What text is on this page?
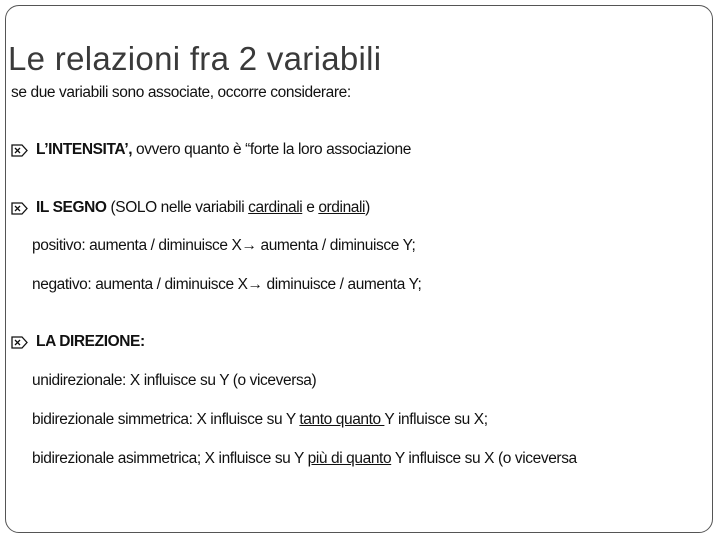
Le relazioni fra 2 variabili
se due variabili sono associate, occorre considerare:
L’INTENSITA’, ovvero quanto è “forte la loro associazione
IL SEGNO (SOLO nelle variabili cardinali e ordinali)
positivo: aumenta / diminuisce X→ aumenta / diminuisce Y;
negativo: aumenta / diminuisce X→ diminuisce / aumenta Y;
LA DIREZIONE:
unidirezionale: X influisce su Y (o viceversa)
bidirezionale simmetrica: X influisce su Y tanto quanto Y influisce su X;
bidirezionale asimmetrica; X influisce su Y più di quanto Y influisce su X (o viceversa
